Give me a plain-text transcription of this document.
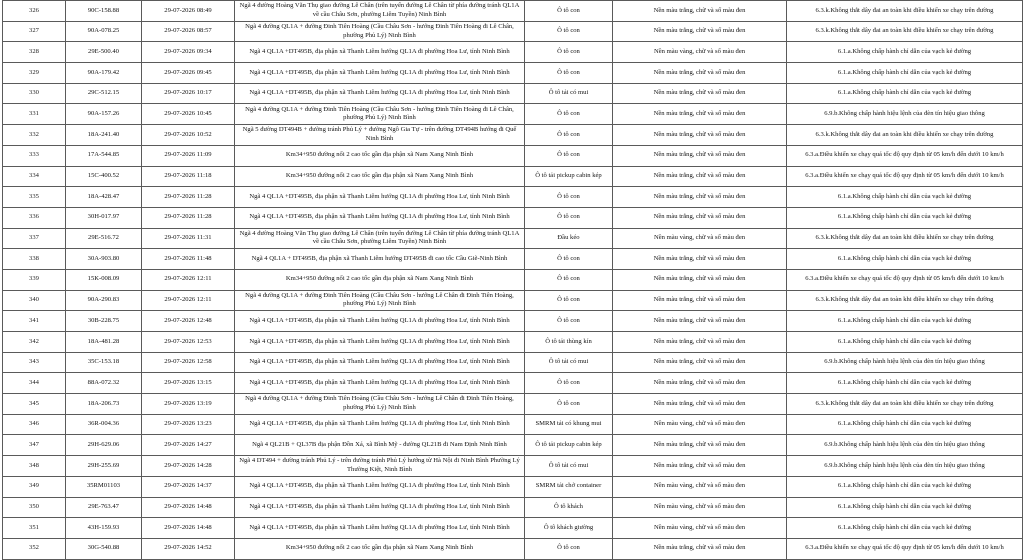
326	90C-158.88	29-07-2026 08:49	Ngã 4 đường Hoàng Văn Thụ giao đường Lê Chân (trên tuyến đường Lê Chân từ phía đường tránh QL1A về cầu Châu Sơn, phường Liêm Tuyền) Ninh Bình	Ô tô con	Nền màu trắng, chữ và số màu đen	6.3.k.Không thắt dây đai an toàn khi điều khiển xe chạy trên đường
327	90A-078.25	29-07-2026 08:57	Ngã 4 đường QL1A + đường Đinh Tiên Hoàng (Cầu Châu Sơn - hướng Đinh Tiên Hoàng đi Lê Chân, phường Phủ Lý) Ninh Bình	Ô tô con	Nền màu trắng, chữ và số màu đen	6.3.k.Không thắt dây đai an toàn khi điều khiển xe chạy trên đường
328	29E-500.40	29-07-2026 09:34	Ngã 4 QL1A +DT495B, địa phận xã Thanh Liêm hướng QL1A đi phường Hoa Lư, tỉnh Ninh Bình	Ô tô con	Nền màu vàng, chữ và số màu đen	6.1.a.Không chấp hành chỉ dẫn của vạch kẻ đường
329	90A-179.42	29-07-2026 09:45	Ngã 4 QL1A +DT495B, địa phận xã Thanh Liêm hướng QL1A đi phường Hoa Lư, tỉnh Ninh Bình	Ô tô con	Nền màu trắng, chữ và số màu đen	6.1.a.Không chấp hành chỉ dẫn của vạch kẻ đường
330	29C-512.15	29-07-2026 10:17	Ngã 4 QL1A +DT495B, địa phận xã Thanh Liêm hướng QL1A đi phường Hoa Lư, tỉnh Ninh Bình	Ô tô tải có mui	Nền màu trắng, chữ và số màu đen	6.1.a.Không chấp hành chỉ dẫn của vạch kẻ đường
331	90A-157.26	29-07-2026 10:45	Ngã 4 đường QL1A + đường Đinh Tiên Hoàng (Cầu Châu Sơn - hướng Đinh Tiên Hoàng đi Lê Chân, phường Phủ Lý) Ninh Bình	Ô tô con	Nền màu trắng, chữ và số màu đen	6.9.b.Không chấp hành hiệu lệnh của đèn tín hiệu giao thông
332	18A-241.40	29-07-2026 10:52	Ngã 5 đường DT494B + đường tránh Phủ Lý + đường Ngô Gia Tự - trên đường DT494B hướng đi Quế Ninh Bình	Ô tô con	Nền màu trắng, chữ và số màu đen	6.3.k.Không thắt dây đai an toàn khi điều khiển xe chạy trên đường
333	17A-544.85	29-07-2026 11:09	Km34+950 đường nối 2 cao tốc gần địa phận xã Nam Xang Ninh Bình	Ô tô con	Nền màu trắng, chữ và số màu đen	6.3.a.Điều khiển xe chạy quá tốc độ quy định từ 05 km/h đến dưới 10 km/h
334	15C-400.52	29-07-2026 11:18	Km34+950 đường nối 2 cao tốc gần địa phận xã Nam Xang Ninh Bình	Ô tô tải pickup cabin kép	Nền màu trắng, chữ và số màu đen	6.3.a.Điều khiển xe chạy quá tốc độ quy định từ 05 km/h đến dưới 10 km/h
335	18A-428.47	29-07-2026 11:28	Ngã 4 QL1A +DT495B, địa phận xã Thanh Liêm hướng QL1A đi phường Hoa Lư, tỉnh Ninh Bình	Ô tô con	Nền màu trắng, chữ và số màu đen	6.1.a.Không chấp hành chỉ dẫn của vạch kẻ đường
336	30H-017.97	29-07-2026 11:28	Ngã 4 QL1A +DT495B, địa phận xã Thanh Liêm hướng QL1A đi phường Hoa Lư, tỉnh Ninh Bình	Ô tô con	Nền màu trắng, chữ và số màu đen	6.1.a.Không chấp hành chỉ dẫn của vạch kẻ đường
337	29E-516.72	29-07-2026 11:31	Ngã 4 đường Hoàng Văn Thụ giao đường Lê Chân (trên tuyến đường Lê Chân từ phía đường tránh QL1A về cầu Châu Sơn, phường Liêm Tuyền) Ninh Bình	Đầu kéo	Nền màu vàng, chữ và số màu đen	6.3.k.Không thắt dây đai an toàn khi điều khiển xe chạy trên đường
338	30A-903.80	29-07-2026 11:48	Ngã 4 QL1A + DT495B, địa phận xã Thanh Liêm hướng DT495B đi cao tốc Cầu Giẽ-Ninh Bình	Ô tô con	Nền màu trắng, chữ và số màu đen	6.1.a.Không chấp hành chỉ dẫn của vạch kẻ đường
339	15K-008.09	29-07-2026 12:11	Km34+950 đường nối 2 cao tốc gần địa phận xã Nam Xang Ninh Bình	Ô tô con	Nền màu trắng, chữ và số màu đen	6.3.a.Điều khiển xe chạy quá tốc độ quy định từ 05 km/h đến dưới 10 km/h
340	90A-290.83	29-07-2026 12:11	Ngã 4 đường QL1A + đường Đinh Tiên Hoàng (Cầu Châu Sơn - hướng Lê Chân đi Đinh Tiên Hoàng, phường Phủ Lý) Ninh Bình	Ô tô con	Nền màu trắng, chữ và số màu đen	6.3.k.Không thắt dây đai an toàn khi điều khiển xe chạy trên đường
341	30B-228.75	29-07-2026 12:48	Ngã 4 QL1A +DT495B, địa phận xã Thanh Liêm hướng QL1A đi phường Hoa Lư, tỉnh Ninh Bình	Ô tô con	Nền màu trắng, chữ và số màu đen	6.1.a.Không chấp hành chỉ dẫn của vạch kẻ đường
342	18A-481.28	29-07-2026 12:53	Ngã 4 QL1A +DT495B, địa phận xã Thanh Liêm hướng QL1A đi phường Hoa Lư, tỉnh Ninh Bình	Ô tô tải thùng kín	Nền màu trắng, chữ và số màu đen	6.1.a.Không chấp hành chỉ dẫn của vạch kẻ đường
343	35C-153.18	29-07-2026 12:58	Ngã 4 QL1A +DT495B, địa phận xã Thanh Liêm hướng QL1A đi phường Hoa Lư, tỉnh Ninh Bình	Ô tô tải có mui	Nền màu trắng, chữ và số màu đen	6.9.b.Không chấp hành hiệu lệnh của đèn tín hiệu giao thông
344	88A-072.32	29-07-2026 13:15	Ngã 4 QL1A +DT495B, địa phận xã Thanh Liêm hướng QL1A đi phường Hoa Lư, tỉnh Ninh Bình	Ô tô con	Nền màu trắng, chữ và số màu đen	6.1.a.Không chấp hành chỉ dẫn của vạch kẻ đường
345	18A-206.73	29-07-2026 13:19	Ngã 4 đường QL1A + đường Đinh Tiên Hoàng (Cầu Châu Sơn - hướng Lê Chân đi Đinh Tiên Hoàng, phường Phủ Lý) Ninh Bình	Ô tô con	Nền màu trắng, chữ và số màu đen	6.3.k.Không thắt dây đai an toàn khi điều khiển xe chạy trên đường
346	36R-004.36	29-07-2026 13:23	Ngã 4 QL1A +DT495B, địa phận xã Thanh Liêm hướng QL1A đi phường Hoa Lư, tỉnh Ninh Bình	SMRM tải có khung mui	Nền màu vàng, chữ và số màu đen	6.1.a.Không chấp hành chỉ dẫn của vạch kẻ đường
347	29H-629.06	29-07-2026 14:27	Ngã 4 QL21B + QL37B địa phận Đồn Xá, xã Bình Mỹ - đường QL21B đi Nam Định Ninh Bình	Ô tô tải pickup cabin kép	Nền màu trắng, chữ và số màu đen	6.9.b.Không chấp hành hiệu lệnh của đèn tín hiệu giao thông
348	29H-255.69	29-07-2026 14:28	Ngã 4 DT494 + đường tránh Phủ Lý - trên đường tránh Phủ Lý hướng từ Hà Nội đi Ninh Bình Phường Lý Thường Kiệt, Ninh Bình	Ô tô tải có mui	Nền màu trắng, chữ và số màu đen	6.9.b.Không chấp hành hiệu lệnh của đèn tín hiệu giao thông
349	35RM01103	29-07-2026 14:37	Ngã 4 QL1A +DT495B, địa phận xã Thanh Liêm hướng QL1A đi phường Hoa Lư, tỉnh Ninh Bình	SMRM tải chở container	Nền màu vàng, chữ và số màu đen	6.1.a.Không chấp hành chỉ dẫn của vạch kẻ đường
350	29E-763.47	29-07-2026 14:48	Ngã 4 QL1A +DT495B, địa phận xã Thanh Liêm hướng QL1A đi phường Hoa Lư, tỉnh Ninh Bình	Ô tô khách	Nền màu vàng, chữ và số màu đen	6.1.a.Không chấp hành chỉ dẫn của vạch kẻ đường
351	43H-159.93	29-07-2026 14:48	Ngã 4 QL1A +DT495B, địa phận xã Thanh Liêm hướng QL1A đi phường Hoa Lư, tỉnh Ninh Bình	Ô tô khách giường	Nền màu vàng, chữ và số màu đen	6.1.a.Không chấp hành chỉ dẫn của vạch kẻ đường
352	30G-540.88	29-07-2026 14:52	Km34+950 đường nối 2 cao tốc gần địa phận xã Nam Xang Ninh Bình	Ô tô con	Nền màu trắng, chữ và số màu đen	6.3.a.Điều khiển xe chạy quá tốc độ quy định từ 05 km/h đến dưới 10 km/h
